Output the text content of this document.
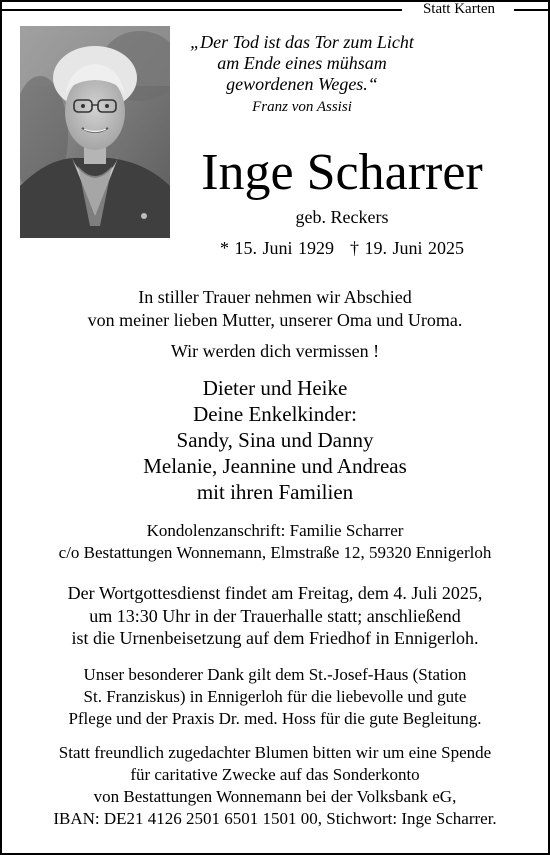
Statt Karten
„Der Tod ist das Tor zum Licht
am Ende eines mühsam
gewordenen Weges.“
Franz von Assisi
Inge Scharrer
geb. Reckers
* 15. Juni 1929 † 19. Juni 2025

In stiller Trauer nehmen wir Abschied

von meiner lieben Mutter, unserer Oma und Uroma.

Wir werden dich vermissen !

Dieter und Heike

Deine Enkelkinder:

Sandy, Sina und Danny

Melanie, Jeannine und Andreas

mit ihren Familien

Kondolenzanschrift: Familie Scharrer

c/o Bestattungen Wonnemann, Elmstraße 12, 59320 Ennigerloh

Der Wortgottesdienst findet am Freitag, dem 4. Juli 2025,

um 13:30 Uhr in der Trauerhalle statt; anschließend

ist die Urnenbeisetzung auf dem Friedhof in Ennigerloh.

Unser besonderer Dank gilt dem St.-Josef-Haus (Station

St. Franziskus) in Ennigerloh für die liebevolle und gute

Pflege und der Praxis Dr. med. Hoss für die gute Begleitung.

Statt freundlich zugedachter Blumen bitten wir um eine Spende

für caritative Zwecke auf das Sonderkonto

von Bestattungen Wonnemann bei der Volksbank eG,

IBAN: DE21 4126 2501 6501 1501 00, Stichwort: Inge Scharrer.
